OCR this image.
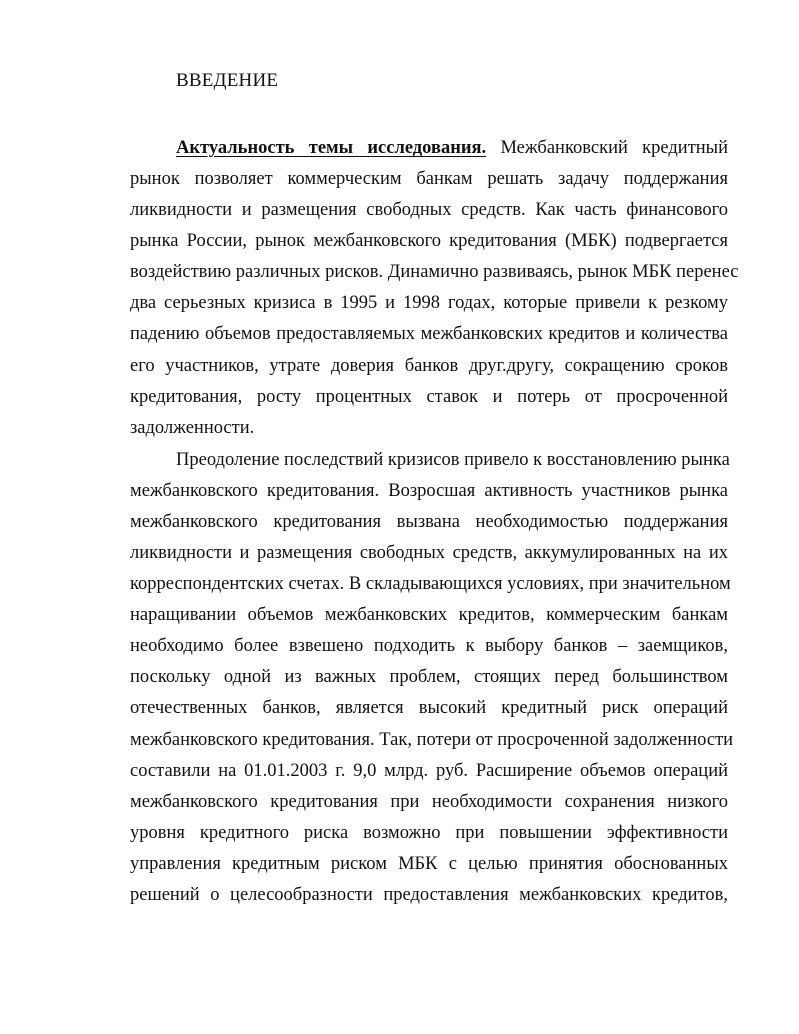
ВВЕДЕНИЕ
Актуальность темы исследования. Межбанковский кредитный
рынок позволяет коммерческим банкам решать задачу поддержания
ликвидности и размещения свободных средств. Как часть финансового
рынка России, рынок межбанковского кредитования (МБК) подвергается
воздействию различных рисков. Динамично развиваясь, рынок МБК перенес
два серьезных кризиса в 1995 и 1998 годах, которые привели к резкому
падению объемов предоставляемых межбанковских кредитов и количества
его участников, утрате доверия банков друг.другу, сокращению сроков
кредитования, росту процентных ставок и потерь от просроченной
задолженности.
Преодоление последствий кризисов привело к восстановлению рынка
межбанковского кредитования. Возросшая активность участников рынка
межбанковского кредитования вызвана необходимостью поддержания
ликвидности и размещения свободных средств, аккумулированных на их
корреспондентских счетах. В складывающихся условиях, при значительном
наращивании объемов межбанковских кредитов, коммерческим банкам
необходимо более взвешено подходить к выбору банков – заемщиков,
поскольку одной из важных проблем, стоящих перед большинством
отечественных банков, является высокий кредитный риск операций
межбанковского кредитования. Так, потери от просроченной задолженности
составили на 01.01.2003 г. 9,0 млрд. руб. Расширение объемов операций
межбанковского кредитования при необходимости сохранения низкого
уровня кредитного риска возможно при повышении эффективности
управления кредитным риском МБК с целью принятия обоснованных
решений о целесообразности предоставления межбанковских кредитов,
